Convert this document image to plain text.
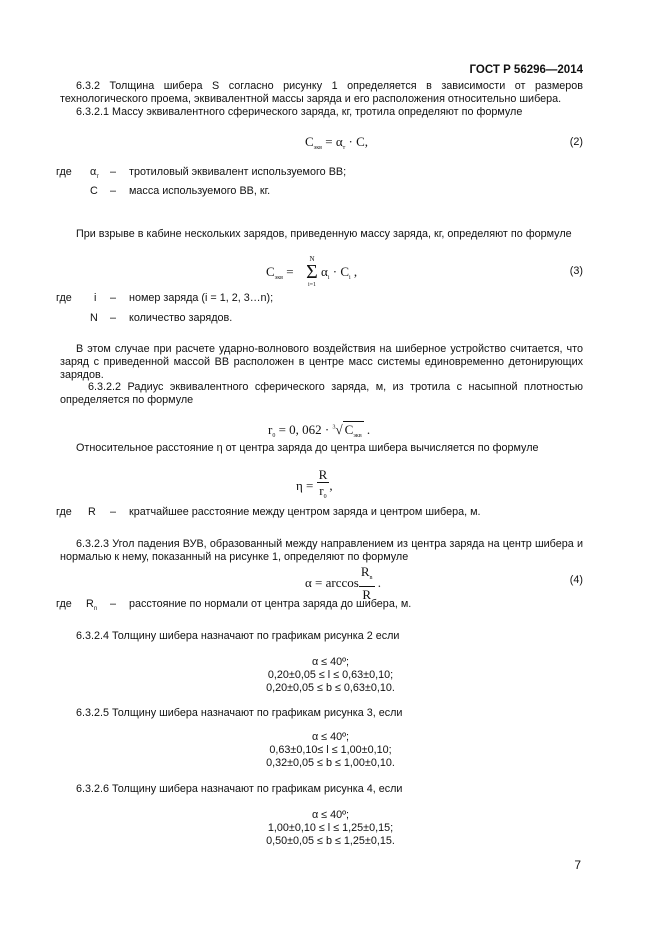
ГОСТ Р 56296—2014
6.3.2 Толщина шибера S согласно рисунку 1 определяется в зависимости от размеров технологического проема, эквивалентной массы заряда и его расположения относительно шибера.
6.3.2.1 Массу эквивалентного сферического заряда, кг, тротила определяют по формуле
$C_{экв} = \alpha_т \cdot C$,	(2)
где $\alpha_т$ – тротиловый эквивалент используемого ВВ;
C – масса используемого ВВ, кг.
При взрыве в кабине нескольких зарядов, приведенную массу заряда, кг, определяют по формуле
$C_{экв}$ =
N
Σ
i=1
$\alpha_i \cdot C_i$ ,	(3)
где i – номер заряда (i = 1, 2, 3…n);
N – количество зарядов.
В этом случае при расчете ударно-волнового воздействия на шиберное устройство считается, что заряд с приведенной массой ВВ расположен в центре масс системы единовременно детонирующих зарядов.
6.3.2.2 Радиус эквивалентного сферического заряда, м, из тротила с насыпной плотностью определяется по формуле
$r_0 = 0$, 062 · $^3$√ $C_{экв}$ .
Относительное расстояние η от центра заряда до центра шибера вычисляется по формуле
$\eta = \frac{R}{r_0}$ ,
где R – кратчайшее расстояние между центром заряда и центром шибера, м.
6.3.2.3 Угол падения ВУВ, образованный между направлением из центра заряда на центр шибера и нормалью к нему, показанный на рисунке 1, определяют по формуле
$\alpha = \arccos \frac{R_n}{R}$ .	(4)
где $R_n$ – расстояние по нормали от центра заряда до шибера, м.
6.3.2.4 Толщину шибера назначают по графикам рисунка 2 если
α ≤ 40º;
0,20±0,05 ≤ l ≤ 0,63±0,10;
0,20±0,05 ≤ b ≤ 0,63±0,10.
6.3.2.5 Толщину шибера назначают по графикам рисунка 3, если
α ≤ 40º;
0,63±0,10≤ l ≤ 1,00±0,10;
0,32±0,05 ≤ b ≤ 1,00±0,10.
6.3.2.6 Толщину шибера назначают по графикам рисунка 4, если
α ≤ 40º;
1,00±0,10 ≤ l ≤ 1,25±0,15;
0,50±0,05 ≤ b ≤ 1,25±0,15.
7
